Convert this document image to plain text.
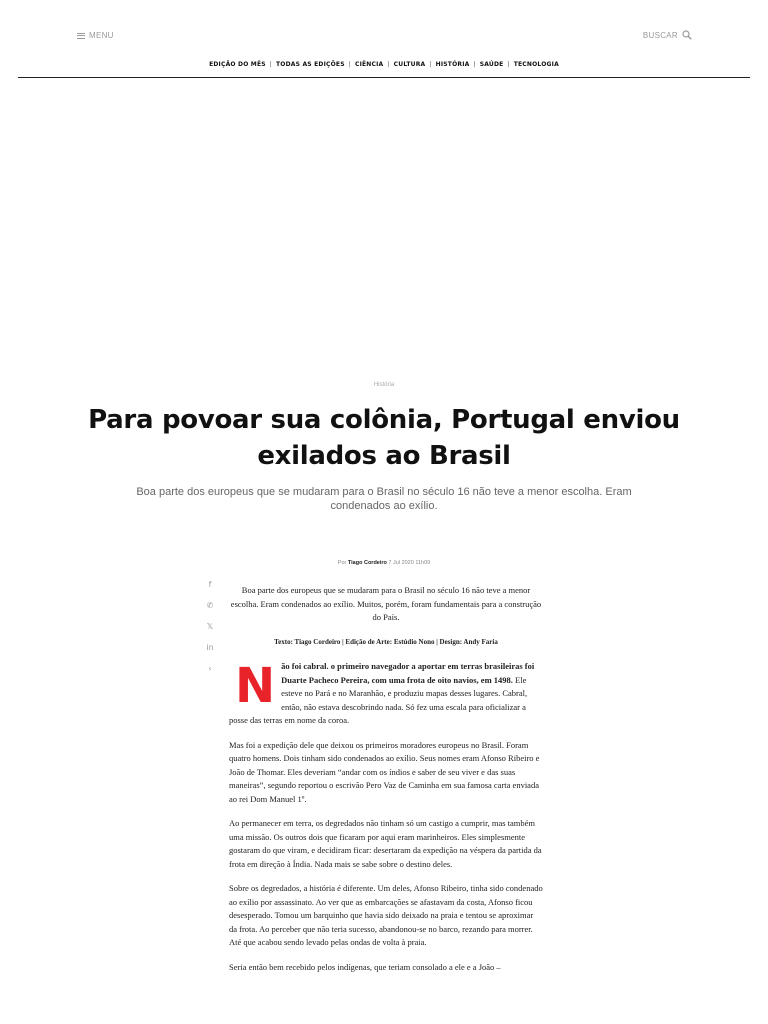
MENU	BUSCAR
EDIÇÃO DO MÊS | TODAS AS EDIÇÕES | CIÊNCIA | CULTURA | HISTÓRIA | SAÚDE | TECNOLOGIA
História
Para povoar sua colônia, Portugal enviou exilados ao Brasil

Boa parte dos europeus que se mudaram para o Brasil no século 16 não teve a menor escolha. Eram condenados ao exílio.

Por Tiago Cordeiro 7 Jul 2020 11h09
f
✆
𝕏
in
‹

Boa parte dos europeus que se mudaram para o Brasil no século 16 não teve a menor escolha. Eram condenados ao exílio. Muitos, porém, foram fundamentais para a construção do País.

Texto: Tiago Cordeiro | Edição de Arte: Estúdio Nono | Design: Andy Faria

Não foi cabral. o primeiro navegador a aportar em terras brasileiras foi Duarte Pacheco Pereira, com uma frota de oito navios, em 1498. Ele esteve no Pará e no Maranhão, e produziu mapas desses lugares. Cabral, então, não estava descobrindo nada. Só fez uma escala para oficializar a posse das terras em nome da coroa.

Mas foi a expedição dele que deixou os primeiros moradores europeus no Brasil. Foram quatro homens. Dois tinham sido condenados ao exílio. Seus nomes eram Afonso Ribeiro e João de Thomar. Eles deveriam “andar com os índios e saber de seu viver e das suas maneiras”, segundo reportou o escrivão Pero Vaz de Caminha em sua famosa carta enviada ao rei Dom Manuel 1º.

Ao permanecer em terra, os degredados não tinham só um castigo a cumprir, mas também uma missão. Os outros dois que ficaram por aqui eram marinheiros. Eles simplesmente gostaram do que viram, e decidiram ficar: desertaram da expedição na véspera da partida da frota em direção à Índia. Nada mais se sabe sobre o destino deles.

Sobre os degredados, a história é diferente. Um deles, Afonso Ribeiro, tinha sido condenado ao exílio por assassinato. Ao ver que as embarcações se afastavam da costa, Afonso ficou desesperado. Tomou um barquinho que havia sido deixado na praia e tentou se aproximar da frota. Ao perceber que não teria sucesso, abandonou-se no barco, rezando para morrer. Até que acabou sendo levado pelas ondas de volta à praia.

Seria então bem recebido pelos indígenas, que teriam consolado a ele e a João –
